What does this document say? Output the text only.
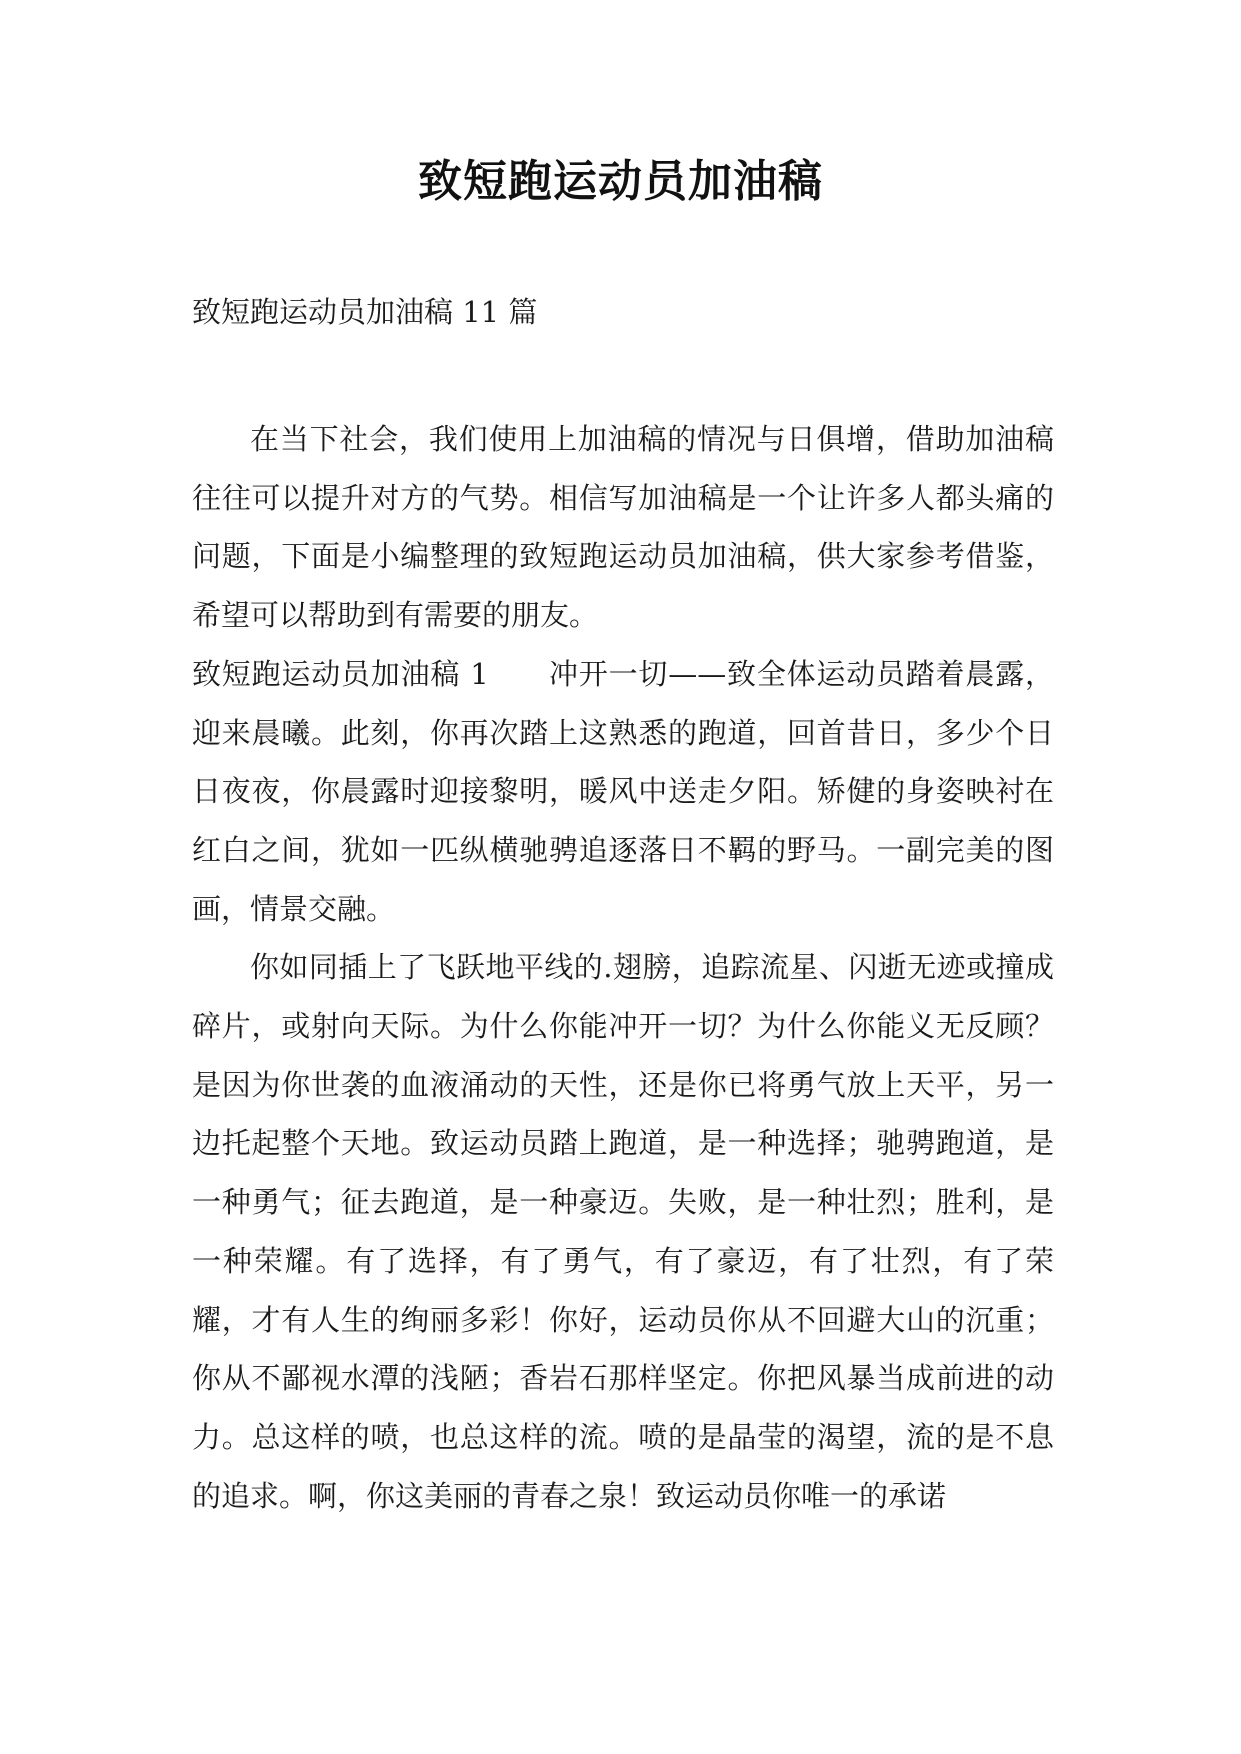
致短跑运动员加油稿

致短跑运动员加油稿 11 篇

在当下社会，我们使用上加油稿的情况与日俱增，借助加油稿往往可以提升对方的气势。相信写加油稿是一个让许多人都头痛的问题，下面是小编整理的致短跑运动员加油稿，供大家参考借鉴，希望可以帮助到有需要的朋友。

致短跑运动员加油稿 1　　冲开一切——致全体运动员踏着晨露，迎来晨曦。此刻，你再次踏上这熟悉的跑道，回首昔日，多少个日日夜夜，你晨露时迎接黎明，暖风中送走夕阳。矫健的身姿映衬在红白之间，犹如一匹纵横驰骋追逐落日不羁的野马。一副完美的图画，情景交融。

你如同插上了飞跃地平线的.翅膀，追踪流星、闪逝无迹或撞成碎片，或射向天际。为什么你能冲开一切？为什么你能义无反顾？是因为你世袭的血液涌动的天性，还是你已将勇气放上天平，另一边托起整个天地。致运动员踏上跑道，是一种选择；驰骋跑道，是一种勇气；征去跑道，是一种豪迈。失败，是一种壮烈；胜利，是一种荣耀。有了选择，有了勇气，有了豪迈，有了壮烈，有了荣耀，才有人生的绚丽多彩！你好，运动员你从不回避大山的沉重；你从不鄙视水潭的浅陋；香岩石那样坚定。你把风暴当成前进的动力。总这样的喷，也总这样的流。喷的是晶莹的渴望，流的是不息的追求。啊，你这美丽的青春之泉！致运动员你唯一的承诺
